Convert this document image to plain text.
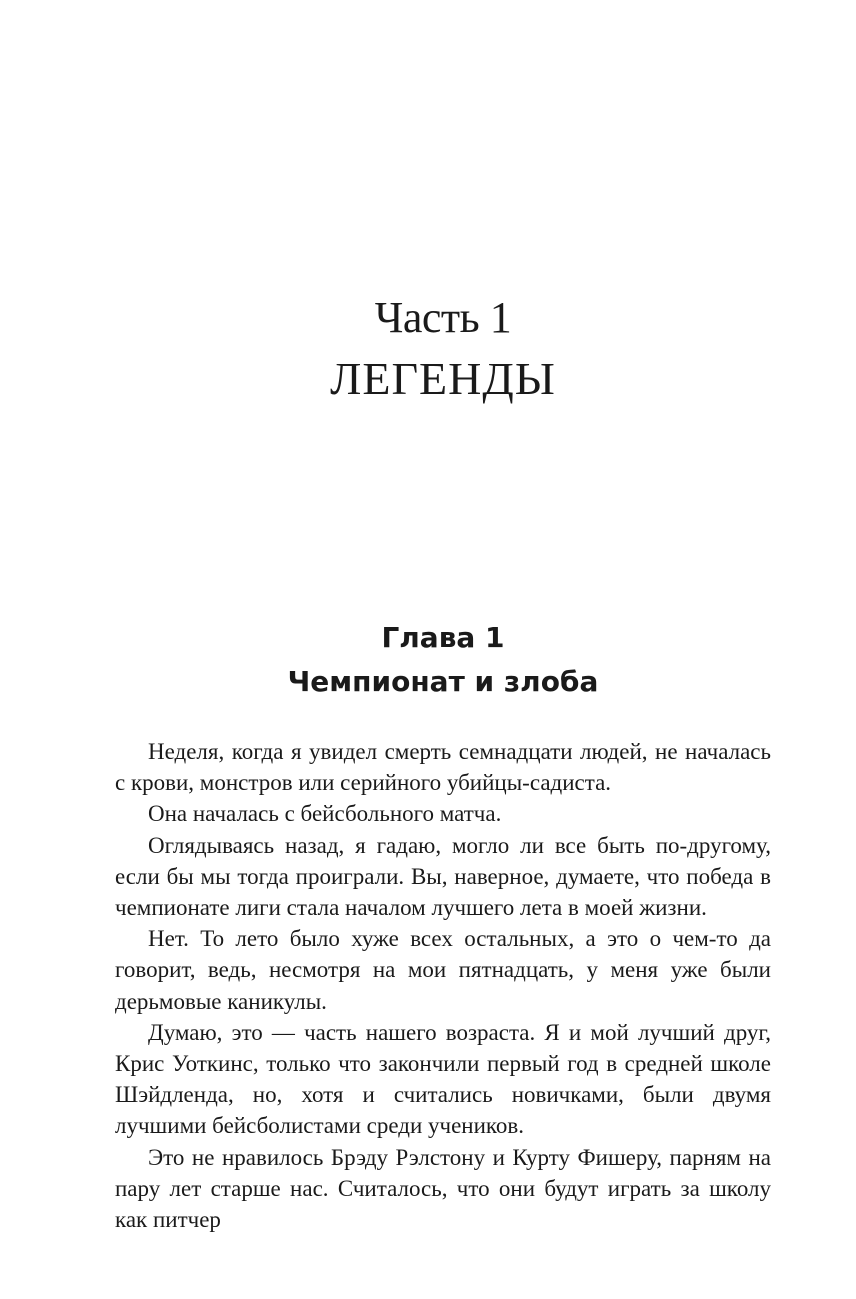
Часть 1
ЛЕГЕНДЫ
Глава 1
Чемпионат и злоба

Неделя, когда я увидел смерть семнадцати людей, не началась с крови, монстров или серийного убийцы-садиста.

Она началась с бейсбольного матча.

Оглядываясь назад, я гадаю, могло ли все быть по-другому, если бы мы тогда проиграли. Вы, наверное, думаете, что победа в чемпионате лиги стала началом лучшего лета в моей жизни.

Нет. То лето было хуже всех остальных, а это о чем-то да говорит, ведь, несмотря на мои пятнадцать, у меня уже были дерьмовые каникулы.

Думаю, это — часть нашего возраста. Я и мой лучший друг, Крис Уоткинс, только что закончили первый год в средней школе Шэйдленда, но, хотя и считались новичками, были двумя лучшими бейсболистами среди учеников.

Это не нравилось Брэду Рэлстону и Курту Фишеру, парням на пару лет старше нас. Считалось, что они будут играть за школу как питчер
